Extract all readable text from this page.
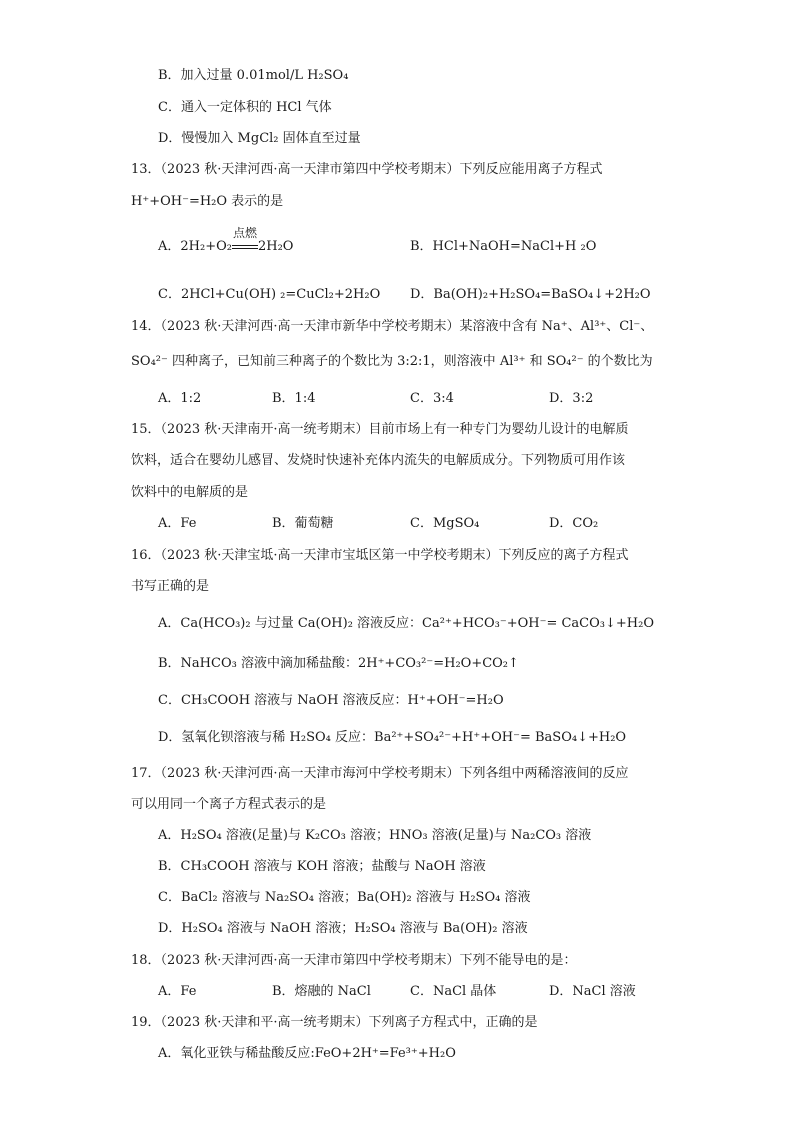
B．加入过量 0.01mol/L H₂SO₄
C．通入一定体积的 HCl 气体
D．慢慢加入 MgCl₂ 固体直至过量
13．（2023 秋·天津河西·高一天津市第四中学校考期末）下列反应能用离子方程式
H⁺+OH⁻=H₂O 表示的是
A．2H₂+O₂
点燃
2H₂O	B．HCl+NaOH=NaCl+H ₂O
C．2HCl+Cu(OH) ₂=CuCl₂+2H₂O D．Ba(OH)₂+H₂SO₄=BaSO₄↓+2H₂O
14．（2023 秋·天津河西·高一天津市新华中学校考期末）某溶液中含有 Na⁺、Al³⁺、Cl⁻、
SO₄²⁻ 四种离子，已知前三种离子的个数比为 3:2:1，则溶液中 Al³⁺ 和 SO₄²⁻ 的个数比为
A．1:2	B．1:4	C．3:4	D．3:2
15．（2023 秋·天津南开·高一统考期末）目前市场上有一种专门为婴幼儿设计的电解质
饮料，适合在婴幼儿感冒、发烧时快速补充体内流失的电解质成分。下列物质可用作该
饮料中的电解质的是
A．Fe	B．葡萄糖	C．MgSO₄	D．CO₂
16．（2023 秋·天津宝坻·高一天津市宝坻区第一中学校考期末）下列反应的离子方程式
书写正确的是
A．Ca(HCO₃)₂ 与过量 Ca(OH)₂ 溶液反应：Ca²⁺+HCO₃⁻+OH⁻= CaCO₃↓+H₂O
B．NaHCO₃ 溶液中滴加稀盐酸：2H⁺+CO₃²⁻=H₂O+CO₂↑
C．CH₃COOH 溶液与 NaOH 溶液反应：H⁺+OH⁻=H₂O
D．氢氧化钡溶液与稀 H₂SO₄ 反应：Ba²⁺+SO₄²⁻+H⁺+OH⁻= BaSO₄↓+H₂O
17．（2023 秋·天津河西·高一天津市海河中学校考期末）下列各组中两稀溶液间的反应
可以用同一个离子方程式表示的是
A．H₂SO₄ 溶液(足量)与 K₂CO₃ 溶液；HNO₃ 溶液(足量)与 Na₂CO₃ 溶液
B．CH₃COOH 溶液与 KOH 溶液；盐酸与 NaOH 溶液
C．BaCl₂ 溶液与 Na₂SO₄ 溶液；Ba(OH)₂ 溶液与 H₂SO₄ 溶液
D．H₂SO₄ 溶液与 NaOH 溶液；H₂SO₄ 溶液与 Ba(OH)₂ 溶液
18．（2023 秋·天津河西·高一天津市第四中学校考期末）下列不能导电的是：
A．Fe	B．熔融的 NaCl	C．NaCl 晶体	D．NaCl 溶液
19．（2023 秋·天津和平·高一统考期末）下列离子方程式中，正确的是
A．氧化亚铁与稀盐酸反应:FeO+2H⁺=Fe³⁺+H₂O
